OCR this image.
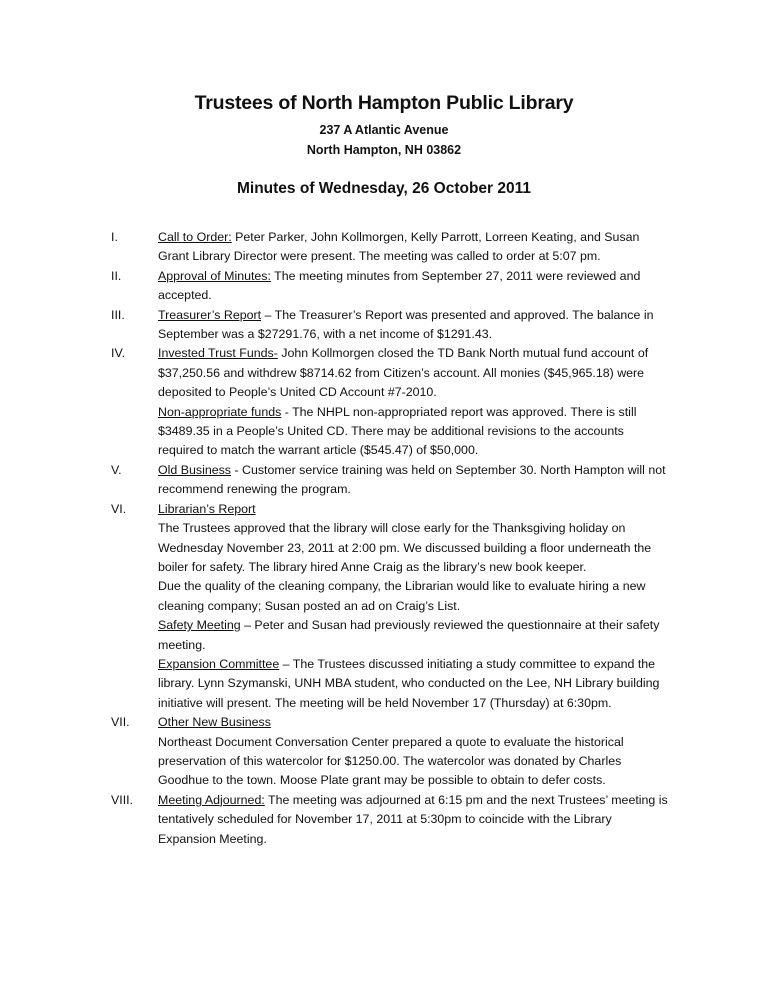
Trustees of North Hampton Public Library
237 A Atlantic Avenue
North Hampton, NH 03862
Minutes of Wednesday, 26 October 2011
I.	Call to Order: Peter Parker, John Kollmorgen, Kelly Parrott, Lorreen Keating, and Susan Grant Library Director were present. The meeting was called to order at 5:07 pm.

II.	Approval of Minutes: The meeting minutes from September 27, 2011 were reviewed and accepted.

III.	Treasurer’s Report – The Treasurer’s Report was presented and approved. The balance in September was a $27291.76, with a net income of $1291.43.

IV.	Invested Trust Funds- John Kollmorgen closed the TD Bank North mutual fund account of $37,250.56 and withdrew $8714.62 from Citizen’s account. All monies ($45,965.18) were deposited to People’s United CD Account #7-2010.

Non-appropriate funds - The NHPL non-appropriated report was approved. There is still $3489.35 in a People’s United CD. There may be additional revisions to the accounts required to match the warrant article ($545.47) of $50,000.

V.	Old Business - Customer service training was held on September 30. North Hampton will not recommend renewing the program.

VI.	Librarian’s Report

The Trustees approved that the library will close early for the Thanksgiving holiday on Wednesday November 23, 2011 at 2:00 pm. We discussed building a floor underneath the boiler for safety. The library hired Anne Craig as the library’s new book keeper.

Due the quality of the cleaning company, the Librarian would like to evaluate hiring a new cleaning company; Susan posted an ad on Craig’s List.

Safety Meeting – Peter and Susan had previously reviewed the questionnaire at their safety meeting.

Expansion Committee – The Trustees discussed initiating a study committee to expand the library. Lynn Szymanski, UNH MBA student, who conducted on the Lee, NH Library building initiative will present. The meeting will be held November 17 (Thursday) at 6:30pm.

VII.	Other New Business

Northeast Document Conversation Center prepared a quote to evaluate the historical preservation of this watercolor for $1250.00. The watercolor was donated by Charles Goodhue to the town. Moose Plate grant may be possible to obtain to defer costs.

VIII.	Meeting Adjourned: The meeting was adjourned at 6:15 pm and the next Trustees’ meeting is tentatively scheduled for November 17, 2011 at 5:30pm to coincide with the Library Expansion Meeting.
